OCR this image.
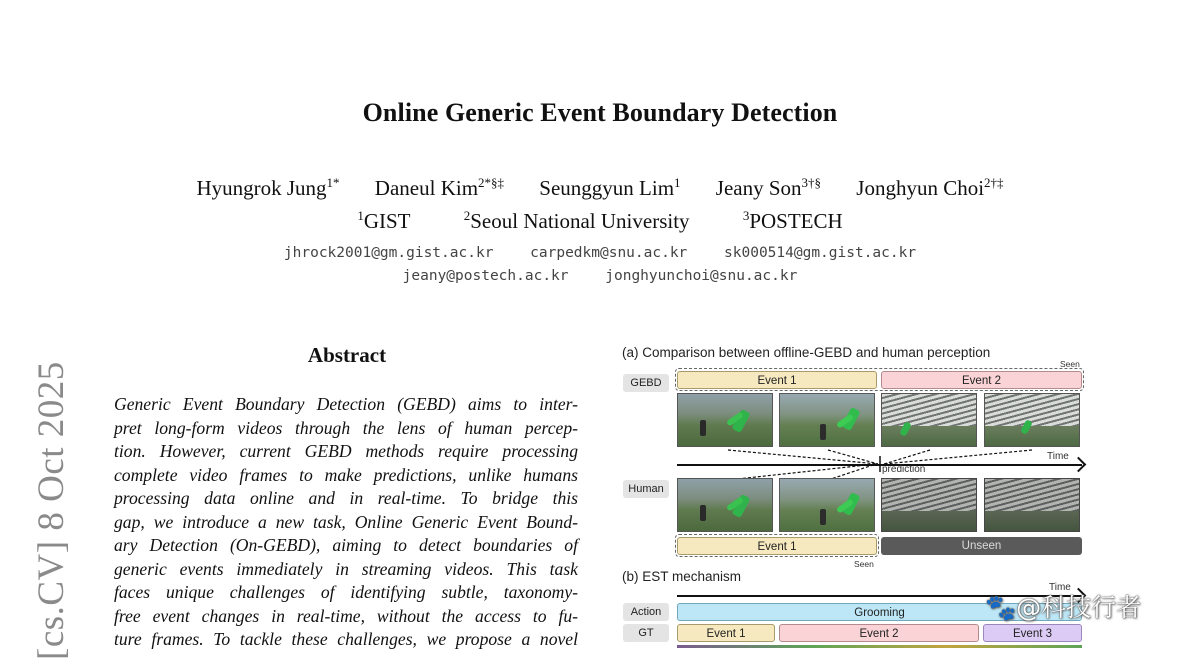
Online Generic Event Boundary Detection
Hyungrok Jung$^{1*}$ Daneul Kim$^{2*\S\ddagger}$ Seunggyun Lim$^1$ Jeany Son$^{3\dagger\S}$ Jonghyun Choi$^{2\dagger\ddagger}$
$^1$GIST	$^2$Seoul National University	$^3$POSTECH
jhrock2001@gm.gist.ac.kr	carpedkm@snu.ac.kr	sk000514@gm.gist.ac.kr
jeany@postech.ac.kr	jonghyunchoi@snu.ac.kr
[cs.CV] 8 Oct 2025
Abstract
Generic Event Boundary Detection (GEBD) aims to inter-
pret long-form videos through the lens of human percep-
tion. However, current GEBD methods require processing
complete video frames to make predictions, unlike humans
processing data online and in real-time. To bridge this
gap, we introduce a new task, Online Generic Event Bound-
ary Detection (On-GEBD), aiming to detect boundaries of
generic events immediately in streaming videos. This task
faces unique challenges of identifying subtle, taxonomy-
free event changes in real-time, without the access to fu-
ture frames. To tackle these challenges, we propose a novel
(a) Comparison between offline-GEBD and human perception
Seen
GEBD	Event 1	Event 2
Time
prediction
Human
Event 1	Unseen
Seen
(b) EST mechanism
Time
Action	Grooming
GT	Event 1	Event 2	Event 3
🐾@科技行者
